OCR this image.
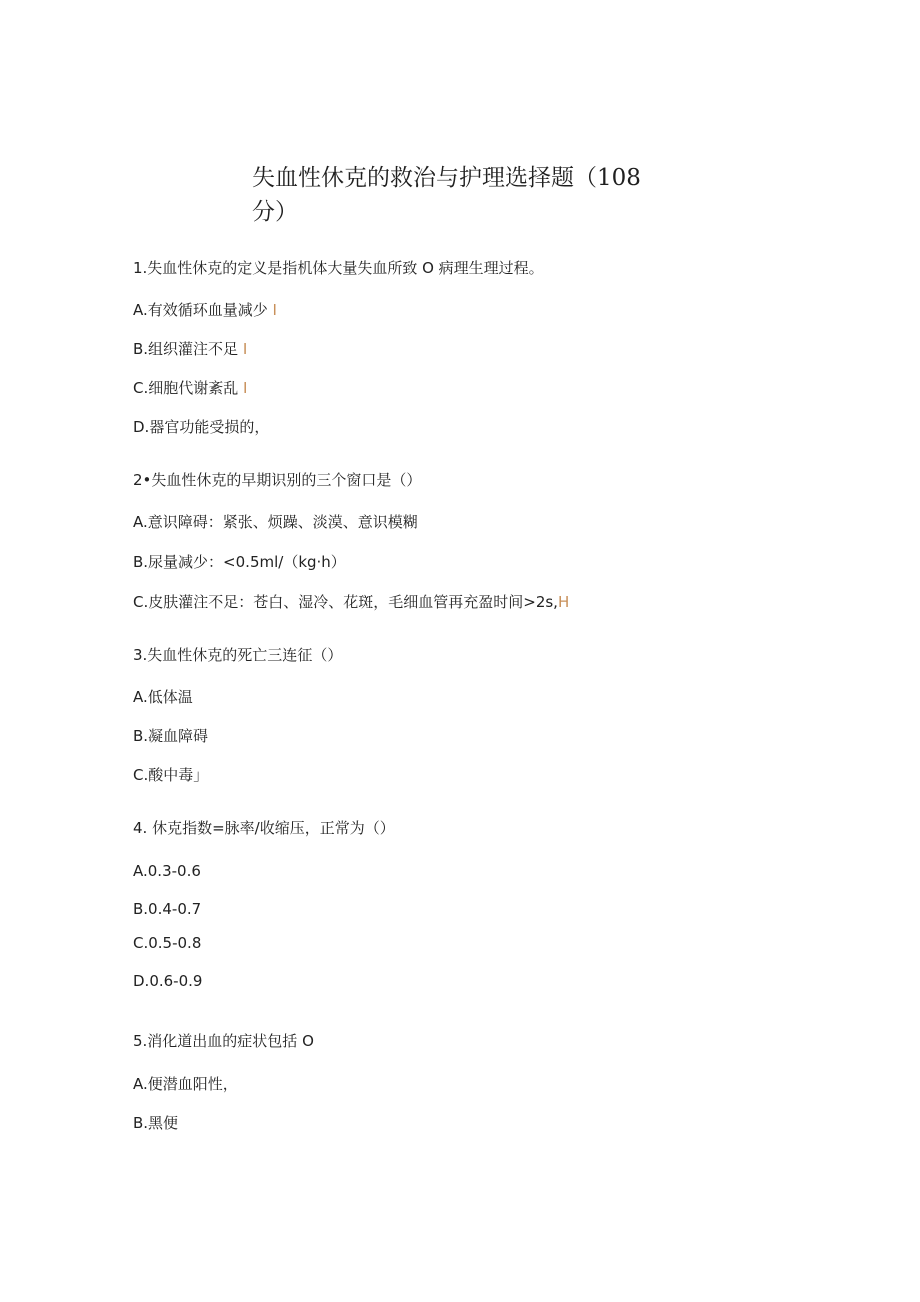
失血性休克的救治与护理选择题（108
分）
1.失血性休克的定义是指机体大量失血所致 O 病理生理过程。
A.有效循环血量减少 I
B.组织灌注不足 I
C.细胞代谢紊乱 I
D.器官功能受损的，
2•失血性休克的早期识别的三个窗口是（）
A.意识障碍：紧张、烦躁、淡漠、意识模糊
B.尿量减少：<0.5ml/（kg·h）
C.皮肤灌注不足：苍白、湿冷、花斑，毛细血管再充盈时间>2s,H
3.失血性休克的死亡三连征（）
A.低体温
B.凝血障碍
C.酸中毒」
4. 休克指数=脉率/收缩压，正常为（）
A.0.3-0.6
B.0.4-0.7
C.0.5-0.8
D.0.6-0.9
5.消化道出血的症状包括 O
A.便潜血阳性，
B.黑便
